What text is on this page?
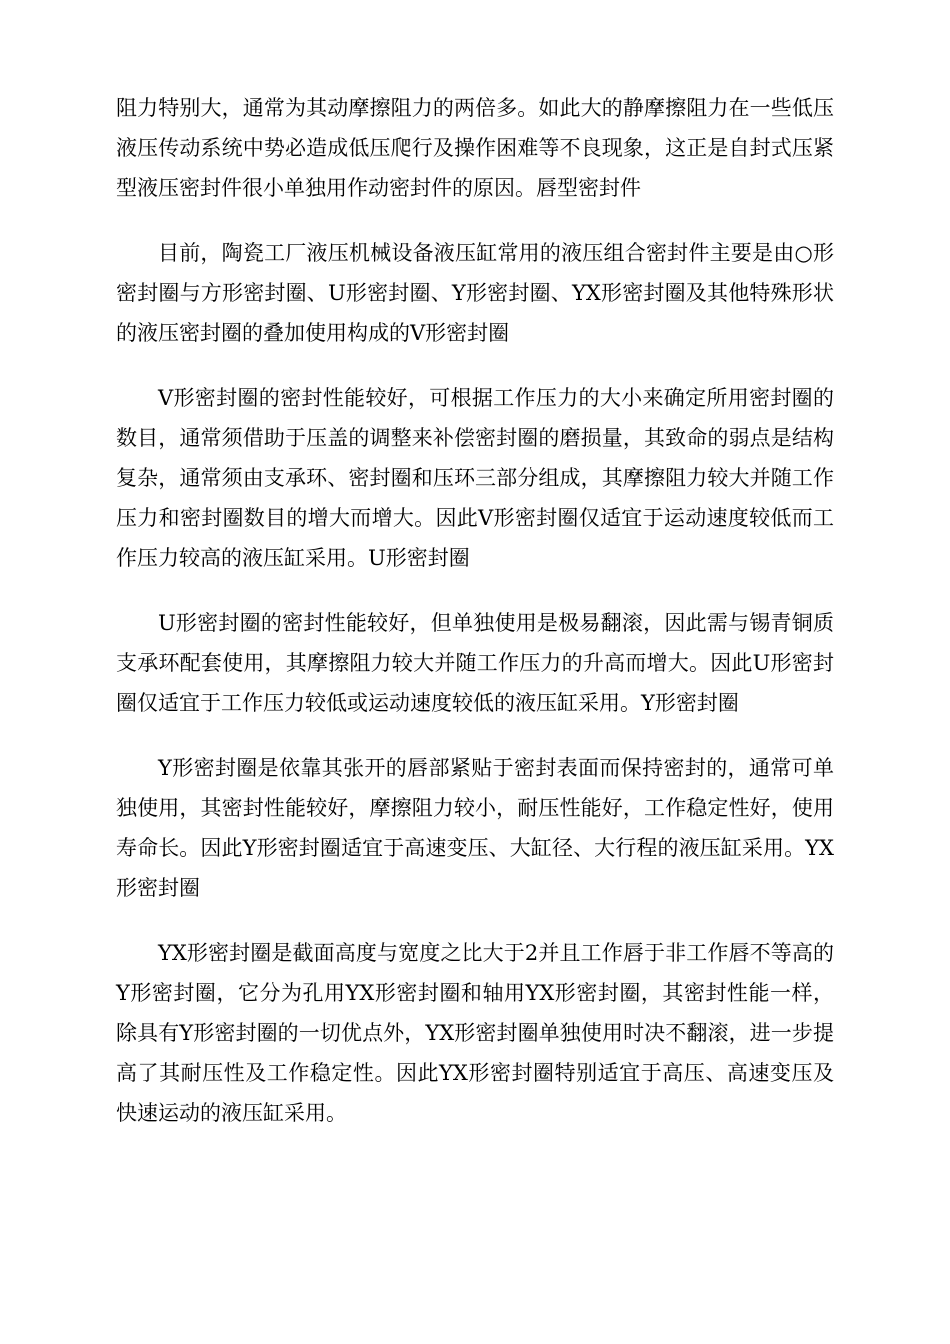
阻力特别大，通常为其动摩擦阻力的两倍多。如此大的静摩擦阻力在一些低压液压传动系统中势必造成低压爬行及操作困难等不良现象，这正是自封式压紧型液压密封件很小单独用作动密封件的原因。唇型密封件

目前，陶瓷工厂液压机械设备液压缸常用的液压组合密封件主要是由○形密封圈与方形密封圈、U形密封圈、Y形密封圈、YX形密封圈及其他特殊形状的液压密封圈的叠加使用构成的V形密封圈

V形密封圈的密封性能较好，可根据工作压力的大小来确定所用密封圈的数目，通常须借助于压盖的调整来补偿密封圈的磨损量，其致命的弱点是结构复杂，通常须由支承环、密封圈和压环三部分组成，其摩擦阻力较大并随工作压力和密封圈数目的增大而增大。因此V形密封圈仅适宜于运动速度较低而工作压力较高的液压缸采用。U形密封圈

U形密封圈的密封性能较好，但单独使用是极易翻滚，因此需与锡青铜质支承环配套使用，其摩擦阻力较大并随工作压力的升高而增大。因此U形密封圈仅适宜于工作压力较低或运动速度较低的液压缸采用。Y形密封圈

Y形密封圈是依靠其张开的唇部紧贴于密封表面而保持密封的，通常可单独使用，其密封性能较好，摩擦阻力较小，耐压性能好，工作稳定性好，使用寿命长。因此Y形密封圈适宜于高速变压、大缸径、大行程的液压缸采用。YX形密封圈

YX形密封圈是截面高度与宽度之比大于2并且工作唇于非工作唇不等高的Y形密封圈，它分为孔用YX形密封圈和轴用YX形密封圈，其密封性能一样，除具有Y形密封圈的一切优点外，YX形密封圈单独使用时决不翻滚，进一步提高了其耐压性及工作稳定性。因此YX形密封圈特别适宜于高压、高速变压及快速运动的液压缸采用。
